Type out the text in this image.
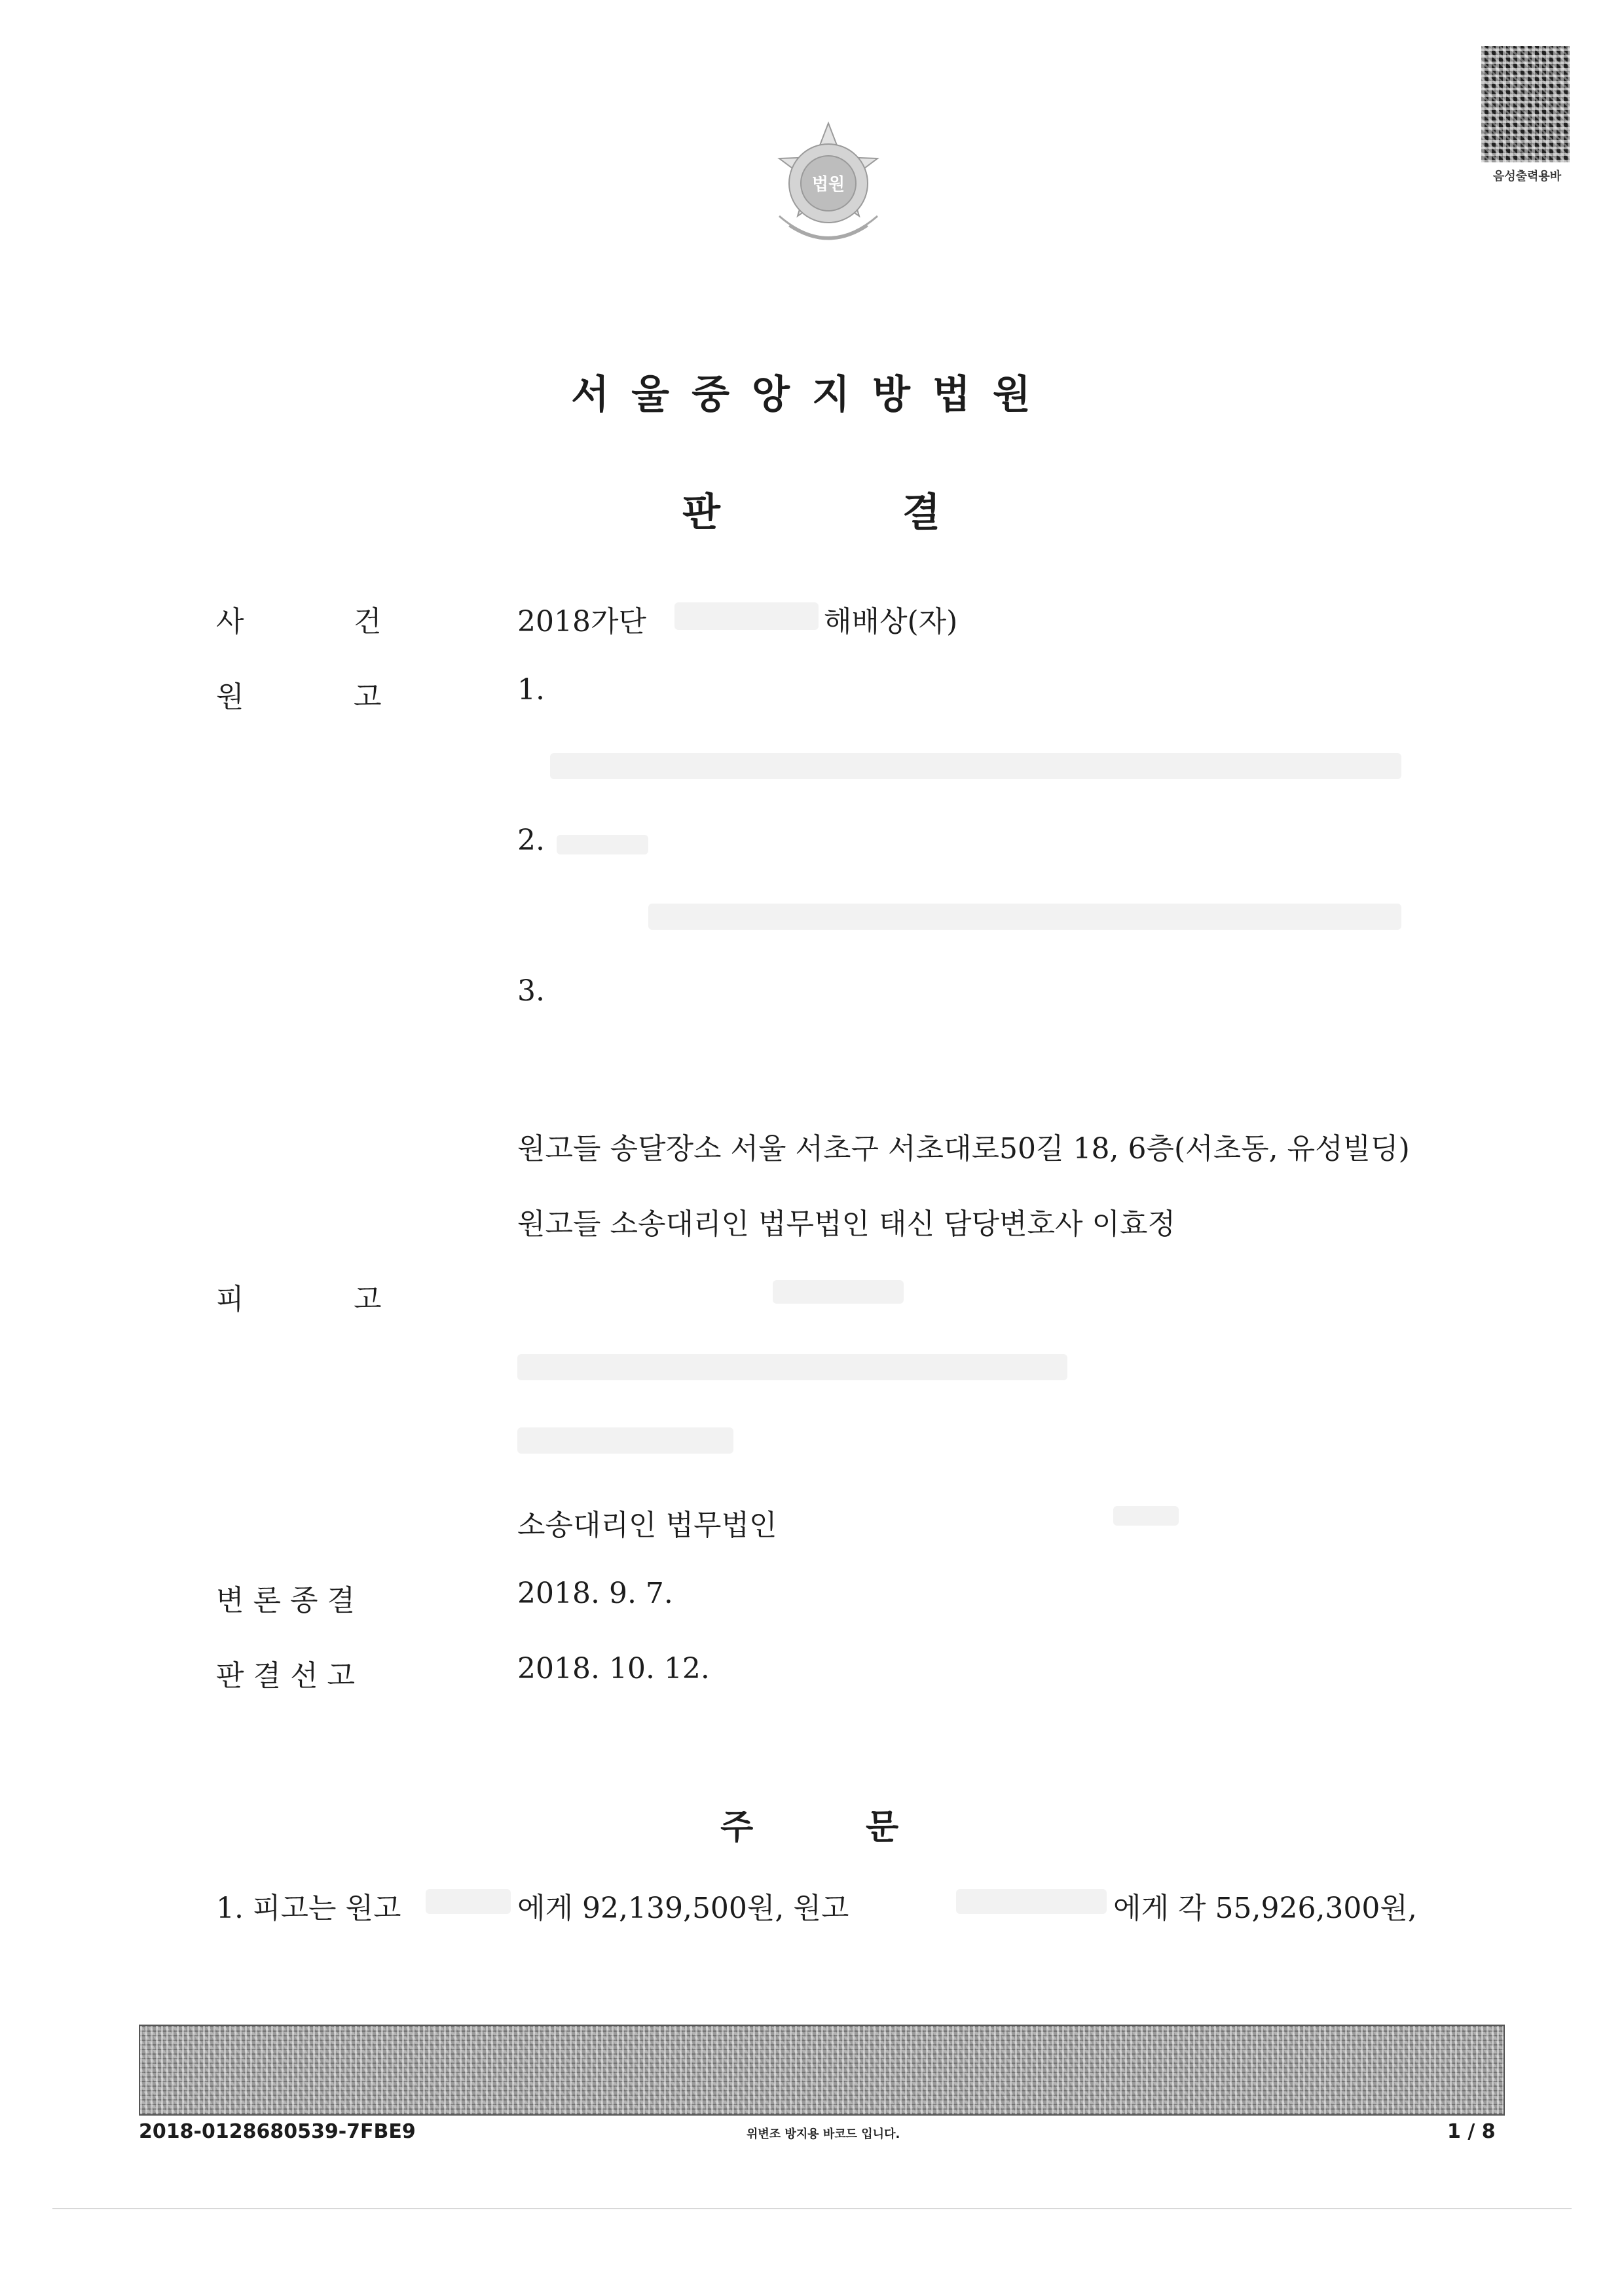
법원	음성출력용바
서울중앙지방법원
판	결
사	건	2018가단	해배상(자)
원	고	1.
2.
3.
원고들 송달장소 서울 서초구 서초대로50길 18, 6층(서초동, 유성빌딩)
원고들 소송대리인 법무법인 태신 담당변호사 이효정
피	고
소송대리인 법무법인
변론종결	2018. 9. 7.
판결선고	2018. 10. 12.
주	문
1. 피고는 원고	에게 92,139,500원, 원고	에게 각 55,926,300원,
2018-0128680539-7FBE9	위변조 방지용 바코드 입니다.	1 / 8
